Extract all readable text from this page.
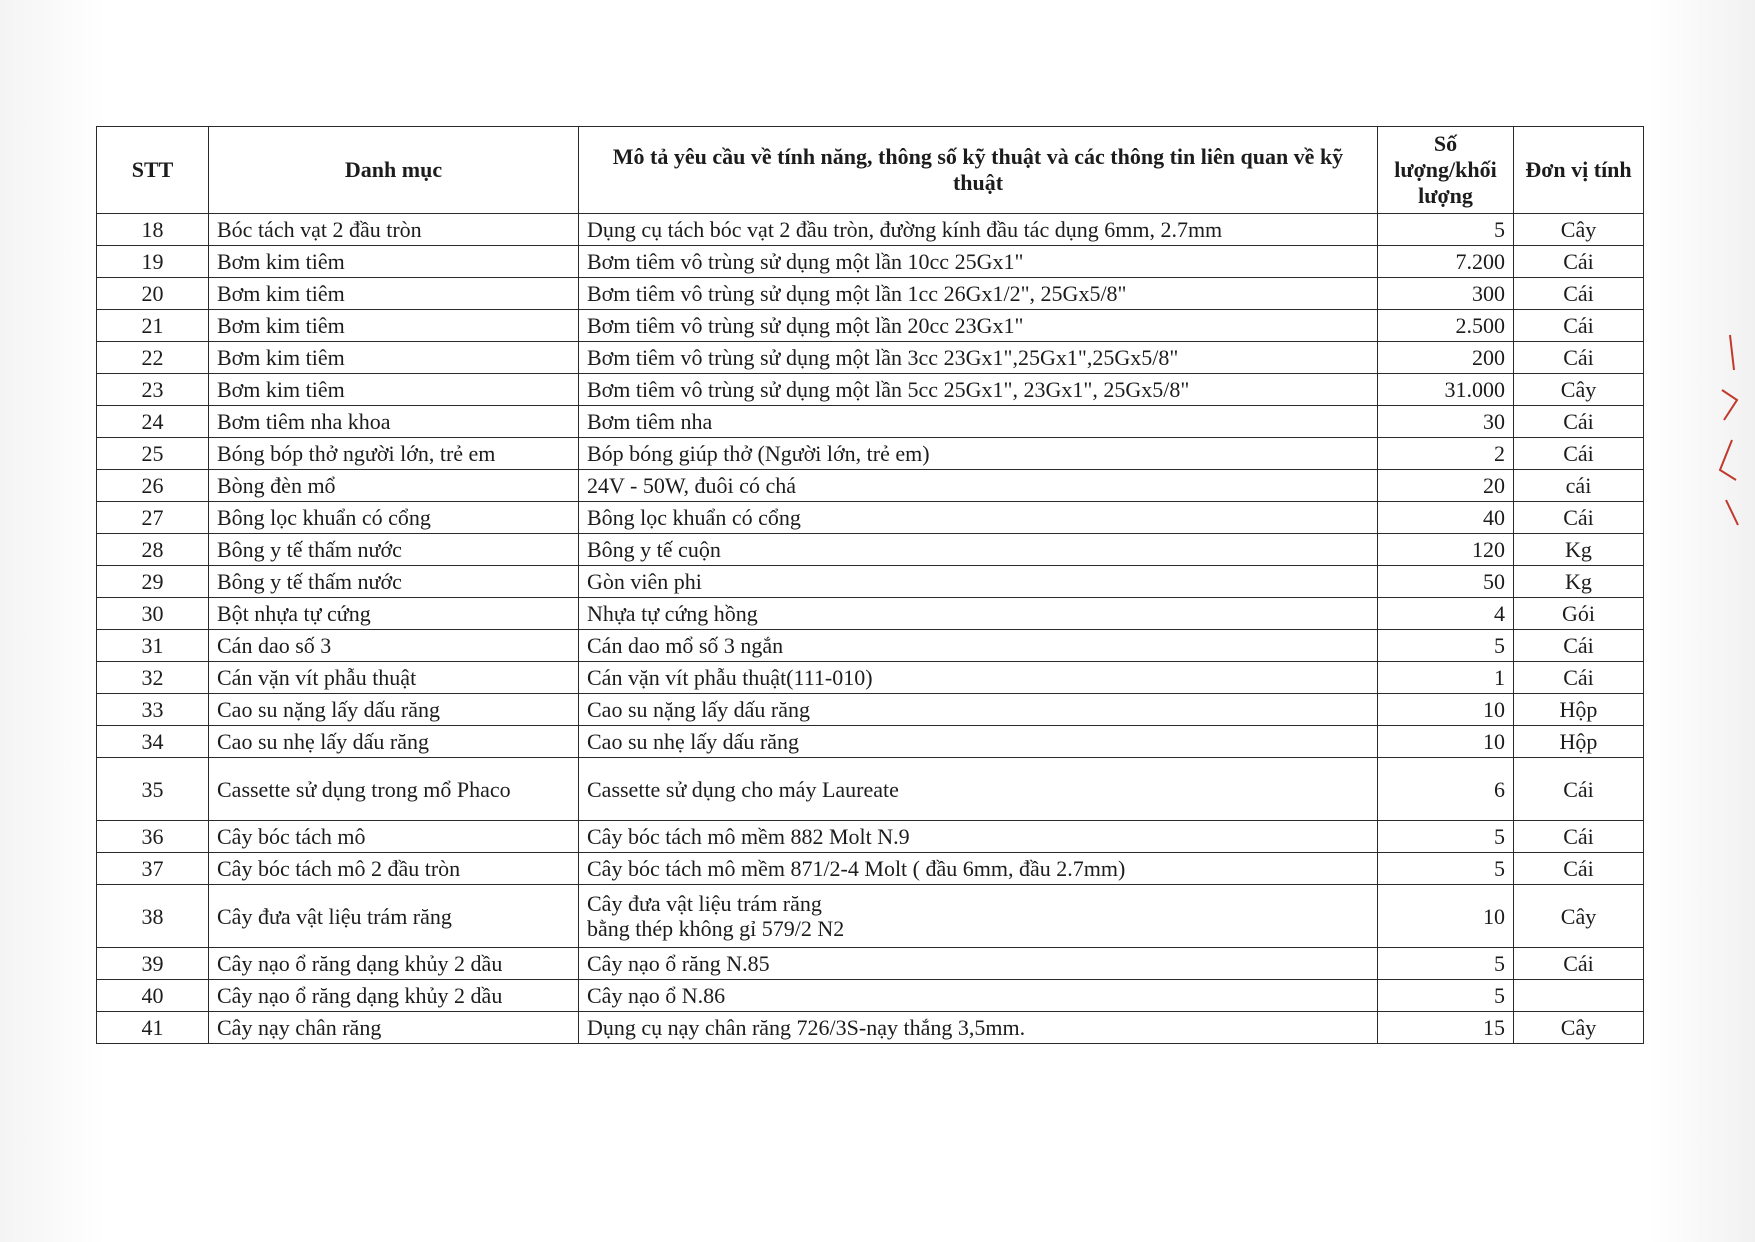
STT	Danh mục	Mô tả yêu cầu về tính năng, thông số kỹ thuật và các thông tin liên quan về kỹ thuật	Số lượng/khối lượng	Đơn vị tính
18	Bóc tách vạt 2 đầu tròn	Dụng cụ tách bóc vạt 2 đầu tròn, đường kính đầu tác dụng 6mm, 2.7mm	5	Cây
19	Bơm kim tiêm	Bơm tiêm vô trùng sử dụng một lần 10cc 25Gx1"	7.200	Cái
20	Bơm kim tiêm	Bơm tiêm vô trùng sử dụng một lần 1cc 26Gx1/2", 25Gx5/8"	300	Cái
21	Bơm kim tiêm	Bơm tiêm vô trùng sử dụng một lần 20cc 23Gx1"	2.500	Cái
22	Bơm kim tiêm	Bơm tiêm vô trùng sử dụng một lần 3cc 23Gx1",25Gx1",25Gx5/8"	200	Cái
23	Bơm kim tiêm	Bơm tiêm vô trùng sử dụng một lần 5cc 25Gx1", 23Gx1", 25Gx5/8"	31.000	Cây
24	Bơm tiêm nha khoa	Bơm tiêm nha	30	Cái
25	Bóng bóp thở người lớn, trẻ em	Bóp bóng giúp thở (Người lớn, trẻ em)	2	Cái
26	Bòng đèn mổ	24V - 50W, đuôi có chá	20	cái
27	Bông lọc khuẩn có cổng	Bông lọc khuẩn có cổng	40	Cái
28	Bông y tế thấm nước	Bông y tế cuộn	120	Kg
29	Bông y tế thấm nước	Gòn viên phi	50	Kg
30	Bột nhựa tự cứng	Nhựa tự cứng hồng	4	Gói
31	Cán dao số 3	Cán dao mổ số 3 ngắn	5	Cái
32	Cán vặn vít phẫu thuật	Cán vặn vít phẫu thuật(111-010)	1	Cái
33	Cao su nặng lấy dấu răng	Cao su nặng lấy dấu răng	10	Hộp
34	Cao su nhẹ lấy dấu răng	Cao su nhẹ lấy dấu răng	10	Hộp
35	Cassette sử dụng trong mổ Phaco	Cassette sử dụng cho máy Laureate	6	Cái
36	Cây bóc tách mô	Cây bóc tách mô mềm 882 Molt N.9	5	Cái
37	Cây bóc tách mô 2 đầu tròn	Cây bóc tách mô mềm 871/2-4 Molt ( đầu 6mm, đầu 2.7mm)	5	Cái
38	Cây đưa vật liệu trám răng	Cây đưa vật liệu trám răng
bằng thép không gỉ 579/2 N2	10	Cây
39	Cây nạo ổ răng dạng khủy 2 dầu	Cây nạo ổ răng N.85	5	Cái
40	Cây nạo ổ răng dạng khủy 2 dầu	Cây nạo ổ N.86	5	
41	Cây nạy chân răng	Dụng cụ nạy chân răng 726/3S-nạy thắng 3,5mm.	15	Cây
